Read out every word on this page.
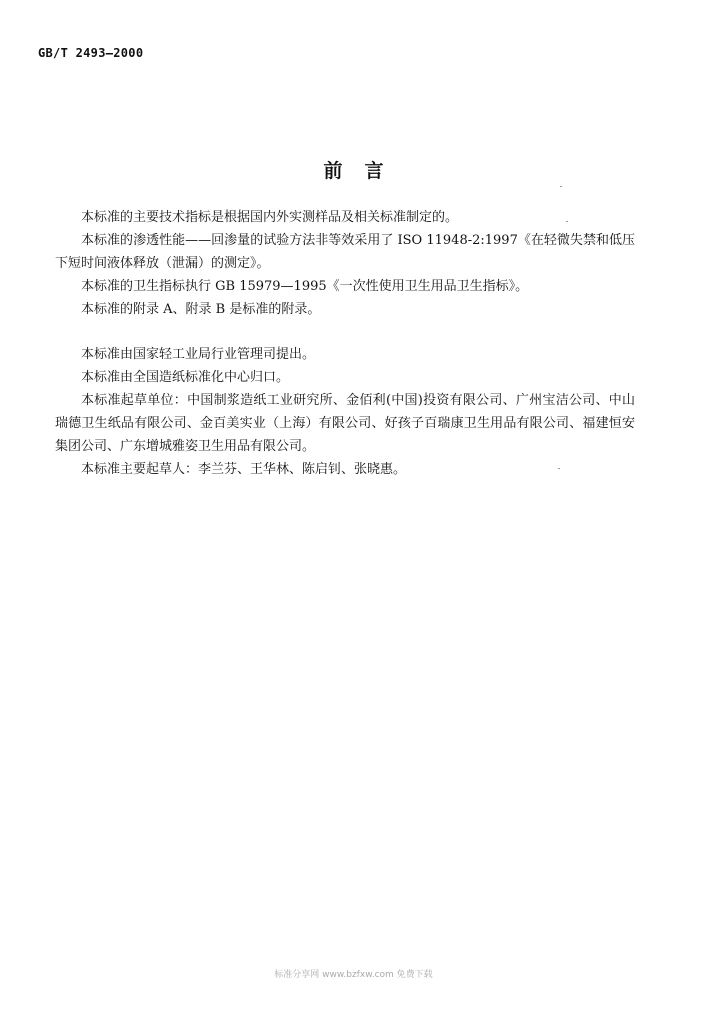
GB/T 2493—2000
前言

本标准的主要技术指标是根据国内外实测样品及相关标准制定的。

本标准的渗透性能——回渗量的试验方法非等效采用了 ISO 11948-2:1997《在轻微失禁和低压下短时间液体释放（泄漏）的测定》。

本标准的卫生指标执行 GB 15979—1995《一次性使用卫生用品卫生指标》。

本标准的附录 A、附录 B 是标准的附录。

本标准由国家轻工业局行业管理司提出。

本标准由全国造纸标准化中心归口。

本标准起草单位：中国制浆造纸工业研究所、金佰利(中国)投资有限公司、广州宝洁公司、中山瑞德卫生纸品有限公司、金百美实业（上海）有限公司、好孩子百瑞康卫生用品有限公司、福建恒安集团公司、广东增城雅姿卫生用品有限公司。

本标准主要起草人：李兰芬、王华林、陈启钊、张晓惠。

标准分享网 www.bzfxw.com 免费下载
